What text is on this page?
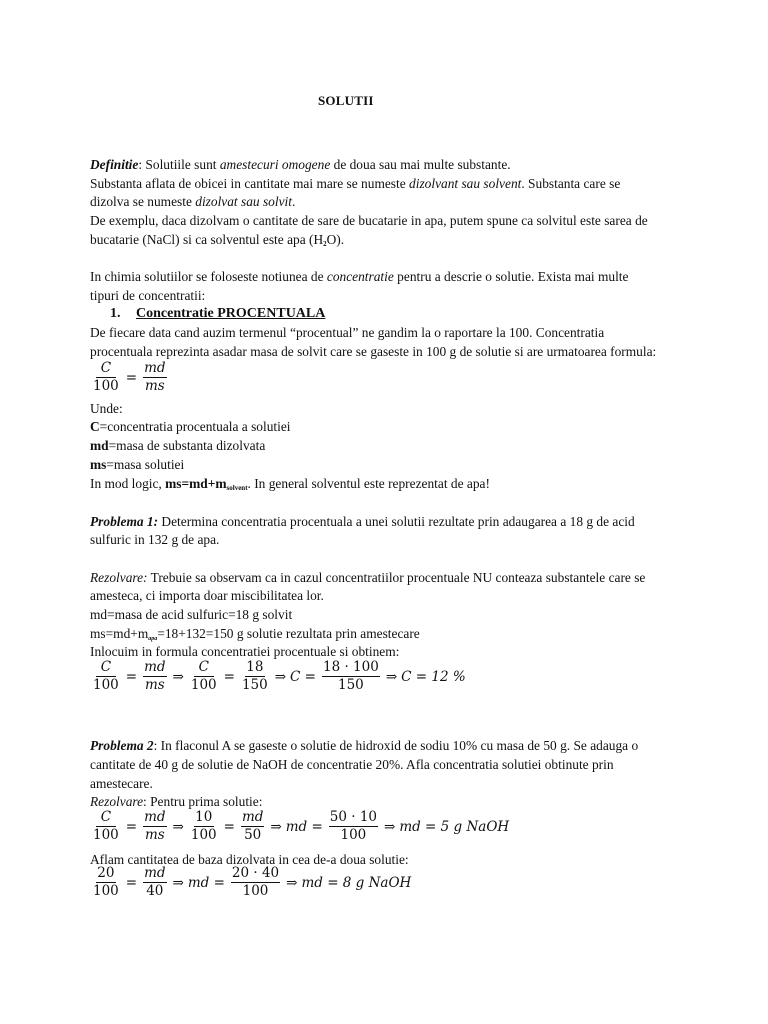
SOLUTII
Definitie: Solutiile sunt amestecuri omogene de doua sau mai multe substante.
Substanta aflata de obicei in cantitate mai mare se numeste dizolvant sau solvent. Substanta care se
dizolva se numeste dizolvat sau solvit.
De exemplu, daca dizolvam o cantitate de sare de bucatarie in apa, putem spune ca solvitul este sarea de
bucatarie (NaCl) si ca solventul este apa $(H_2O)$.
In chimia solutiilor se foloseste notiunea de concentratie pentru a descrie o solutie. Exista mai multe
tipuri de concentratii:
1. Concentratie PROCENTUALA
De fiecare data cand auzim termenul “procentual” ne gandim la o raportare la 100. Concentratia
procentuala reprezinta asadar masa de solvit care se gaseste in 100 g de solutie si are urmatoarea formula:
$\frac{C}{100} = \frac{md}{ms}$
Unde:
C=concentratia procentuala a solutiei
md=masa de substanta dizolvata
ms=masa solutiei
In mod logic, $ms=md+m_{solvent}$. In general solventul este reprezentat de apa!
Problema 1: Determina concentratia procentuala a unei solutii rezultate prin adaugarea a 18 g de acid
sulfuric in 132 g de apa.
Rezolvare: Trebuie sa observam ca in cazul concentratiilor procentuale NU conteaza substantele care se
amesteca, ci importa doar miscibilitatea lor.
md=masa de acid sulfuric=18 g solvit
ms=md+mapa=18+132=150 g solutie rezultata prin amestecare
Inlocuim in formula concentratiei procentuale si obtinem:
$\frac{C}{100} = \frac{md}{ms}$ ⇒ $\frac{C}{100} = \frac{18}{150}$ ⇒ $C = \frac{18 \cdot 100}{150}$ ⇒ C = 12 %
Problema 2: In flaconul A se gaseste o solutie de hidroxid de sodiu 10% cu masa de 50 g. Se adauga o
cantitate de 40 g de solutie de NaOH de concentratie 20%. Afla concentratia solutiei obtinute prin
amestecare.
Rezolvare: Pentru prima solutie:
$\frac{C}{100} = \frac{md}{ms}$ ⇒ $\frac{10}{100} = \frac{md}{50}$ ⇒ md = $\frac{50 \cdot 10}{100}$ ⇒ md = 5 g NaOH
Aflam cantitatea de baza dizolvata in cea de-a doua solutie:
$\frac{20}{100} = \frac{md}{40}$ ⇒ md = $\frac{20 \cdot 40}{100}$ ⇒ md = 8 g NaOH
